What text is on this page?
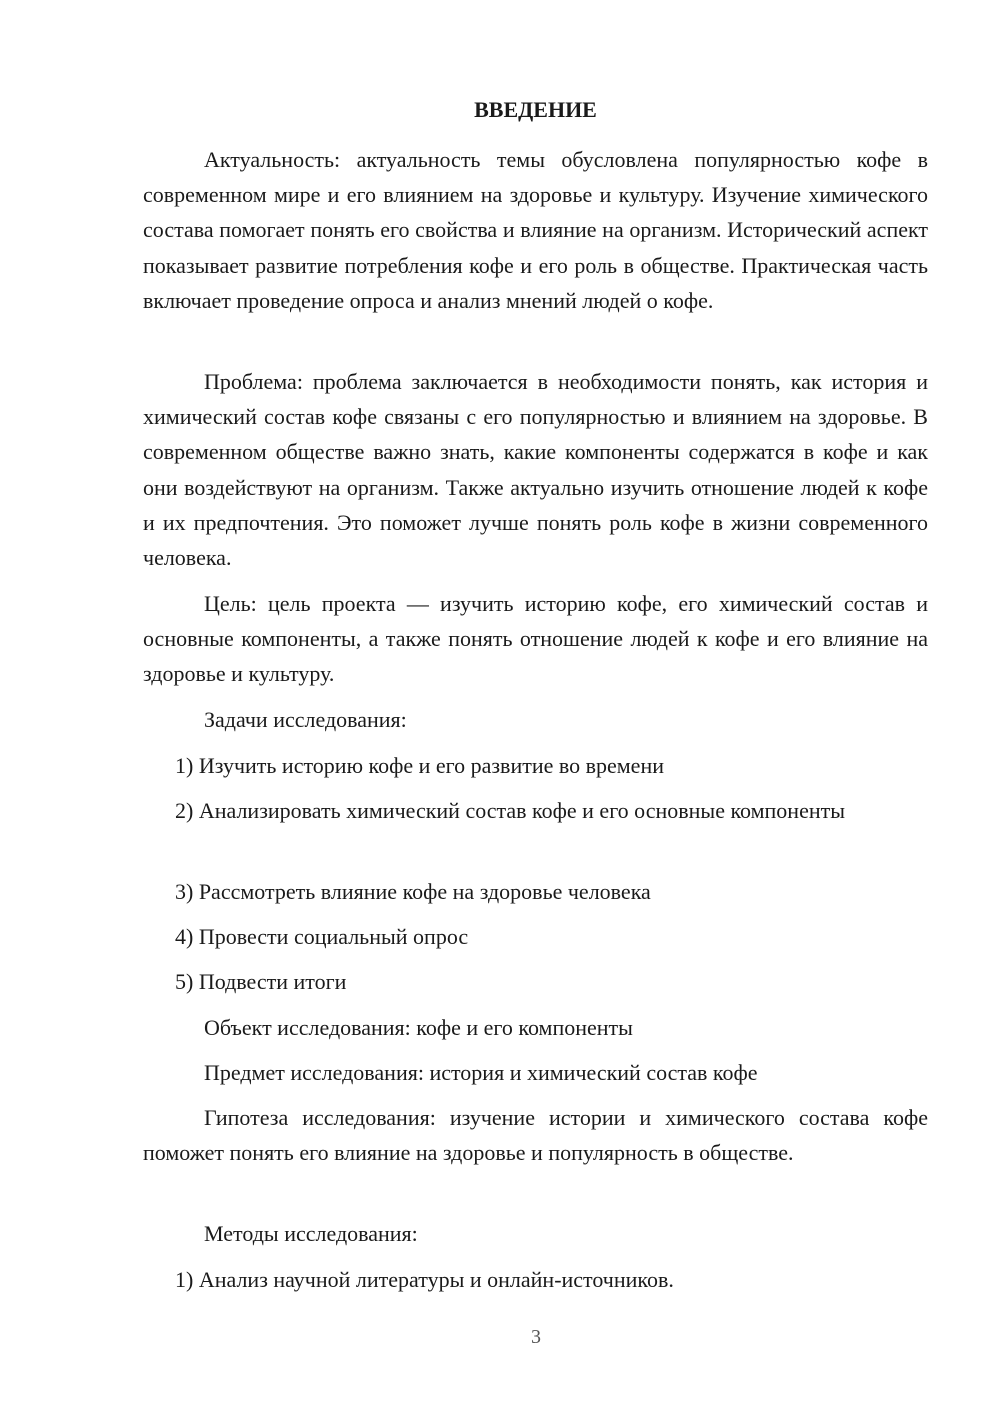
ВВЕДЕНИЕ

Актуальность: актуальность темы обусловлена популярностью кофе в современном мире и его влиянием на здоровье и культуру. Изучение химического состава помогает понять его свойства и влияние на организм. Исторический аспект показывает развитие потребления кофе и его роль в обществе. Практическая часть включает проведение опроса и анализ мнений людей о кофе.

Проблема: проблема заключается в необходимости понять, как история и химический состав кофе связаны с его популярностью и влиянием на здоровье. В современном обществе важно знать, какие компоненты содержатся в кофе и как они воздействуют на организм. Также актуально изучить отношение людей к кофе и их предпочтения. Это поможет лучше понять роль кофе в жизни современного человека.

Цель: цель проекта — изучить историю кофе, его химический состав и основные компоненты, а также понять отношение людей к кофе и его влияние на здоровье и культуру.

Задачи исследования:

1) Изучить историю кофе и его развитие во времени

2) Анализировать химический состав кофе и его основные компоненты

3) Рассмотреть влияние кофе на здоровье человека

4) Провести социальный опрос

5) Подвести итоги

Объект исследования: кофе и его компоненты

Предмет исследования: история и химический состав кофе

Гипотеза исследования: изучение истории и химического состава кофе поможет понять его влияние на здоровье и популярность в обществе.

Методы исследования:

1) Анализ научной литературы и онлайн-источников.

3
